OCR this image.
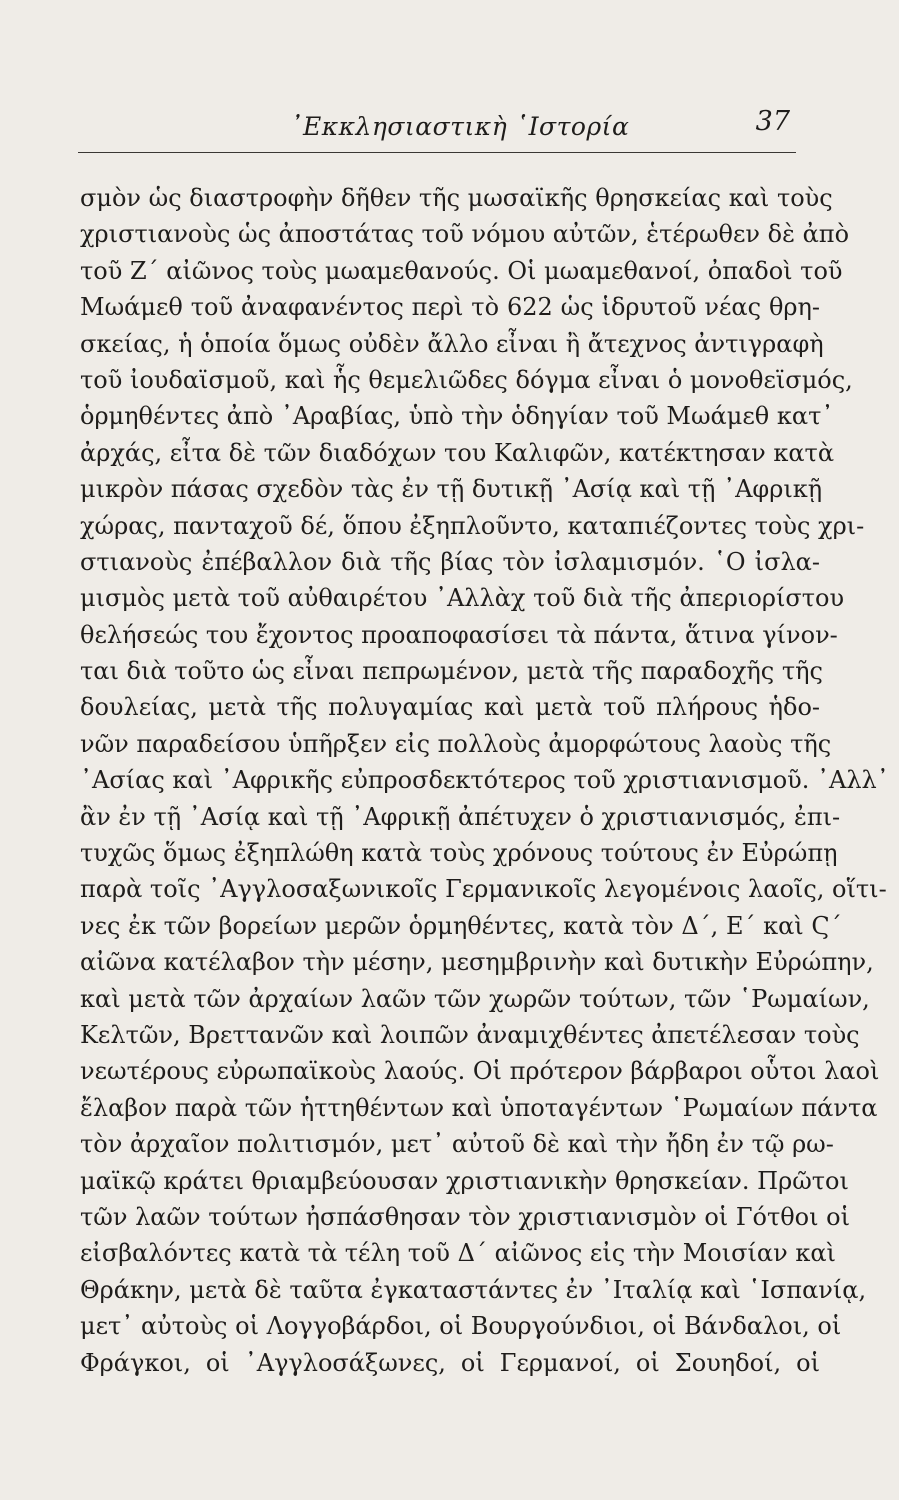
᾿Εκκλησιαστικὴ ῾Ιστορία	37
σμὸν ὡς διαστροφὴν δῆθεν τῆς μωσαϊκῆς θρησκείας καὶ τοὺς
χριστιανοὺς ὡς ἀποστάτας τοῦ νόμου αὐτῶν, ἑτέρωθεν δὲ ἀπὸ
τοῦ Ζ΄ αἰῶνος τοὺς μωαμεθανούς. Οἱ μωαμεθανοί, ὀπαδοὶ τοῦ
Μωάμεθ τοῦ ἀναφανέντος περὶ τὸ 622 ὡς ἱδρυτοῦ νέας θρη-
σκείας, ἡ ὁποία ὅμως οὐδὲν ἄλλο εἶναι ἢ ἄτεχνος ἀντιγραφὴ
τοῦ ἰουδαϊσμοῦ, καὶ ἧς θεμελιῶδες δόγμα εἶναι ὁ μονοθεϊσμός,
ὁρμηθέντες ἀπὸ ᾿Αραβίας, ὑπὸ τὴν ὁδηγίαν τοῦ Μωάμεθ κατ᾿
ἀρχάς, εἶτα δὲ τῶν διαδόχων του Καλιφῶν, κατέκτησαν κατὰ
μικρὸν πάσας σχεδὸν τὰς ἐν τῇ δυτικῇ ᾿Ασίᾳ καὶ τῇ ᾿Αφρικῇ
χώρας, πανταχοῦ δέ, ὅπου ἐξηπλοῦντο, καταπιέζοντες τοὺς χρι-
στιανοὺς ἐπέβαλλον διὰ τῆς βίας τὸν ἰσλαμισμόν. ῾Ο ἰσλα-
μισμὸς μετὰ τοῦ αὐθαιρέτου ᾿Αλλὰχ τοῦ διὰ τῆς ἀπεριορίστου
θελήσεώς του ἔχοντος προαποφασίσει τὰ πάντα, ἅτινα γίνον-
ται διὰ τοῦτο ὡς εἶναι πεπρωμένον, μετὰ τῆς παραδοχῆς τῆς
δουλείας, μετὰ τῆς πολυγαμίας καὶ μετὰ τοῦ πλήρους ἡδο-
νῶν παραδείσου ὑπῆρξεν εἰς πολλοὺς ἀμορφώτους λαοὺς τῆς
᾿Ασίας καὶ ᾿Αφρικῆς εὐπροσδεκτότερος τοῦ χριστιανισμοῦ. ᾿Αλλ᾿
ἂν ἐν τῇ ᾿Ασίᾳ καὶ τῇ ᾿Αφρικῇ ἀπέτυχεν ὁ χριστιανισμός, ἐπι-
τυχῶς ὅμως ἐξηπλώθη κατὰ τοὺς χρόνους τούτους ἐν Εὐρώπῃ
παρὰ τοῖς ᾿Αγγλοσαξωνικοῖς Γερμανικοῖς λεγομένοις λαοῖς, οἵτι-
νες ἐκ τῶν βορείων μερῶν ὁρμηθέντες, κατὰ τὸν Δ΄, Ε΄ καὶ Ϛ΄
αἰῶνα κατέλαβον τὴν μέσην, μεσημβρινὴν καὶ δυτικὴν Εὐρώπην,
καὶ μετὰ τῶν ἀρχαίων λαῶν τῶν χωρῶν τούτων, τῶν ῾Ρωμαίων,
Κελτῶν, Βρεττανῶν καὶ λοιπῶν ἀναμιχθέντες ἀπετέλεσαν τοὺς
νεωτέρους εὐρωπαϊκοὺς λαούς. Οἱ πρότερον βάρβαροι οὗτοι λαοὶ
ἔλαβον παρὰ τῶν ἡττηθέντων καὶ ὑποταγέντων ῾Ρωμαίων πάντα
τὸν ἀρχαῖον πολιτισμόν, μετ᾿ αὐτοῦ δὲ καὶ τὴν ἤδη ἐν τῷ ρω-
μαϊκῷ κράτει θριαμβεύουσαν χριστιανικὴν θρησκείαν. Πρῶτοι
τῶν λαῶν τούτων ἠσπάσθησαν τὸν χριστιανισμὸν οἱ Γότθοι οἱ
εἰσβαλόντες κατὰ τὰ τέλη τοῦ Δ΄ αἰῶνος εἰς τὴν Μοισίαν καὶ
Θράκην, μετὰ δὲ ταῦτα ἐγκαταστάντες ἐν ᾿Ιταλίᾳ καὶ ῾Ισπανίᾳ,
μετ᾿ αὐτοὺς οἱ Λογγοβάρδοι, οἱ Βουργούνδιοι, οἱ Βάνδαλοι, οἱ
Φράγκοι, οἱ ᾿Αγγλοσάξωνες, οἱ Γερμανοί, οἱ Σουηδοί, οἱ
